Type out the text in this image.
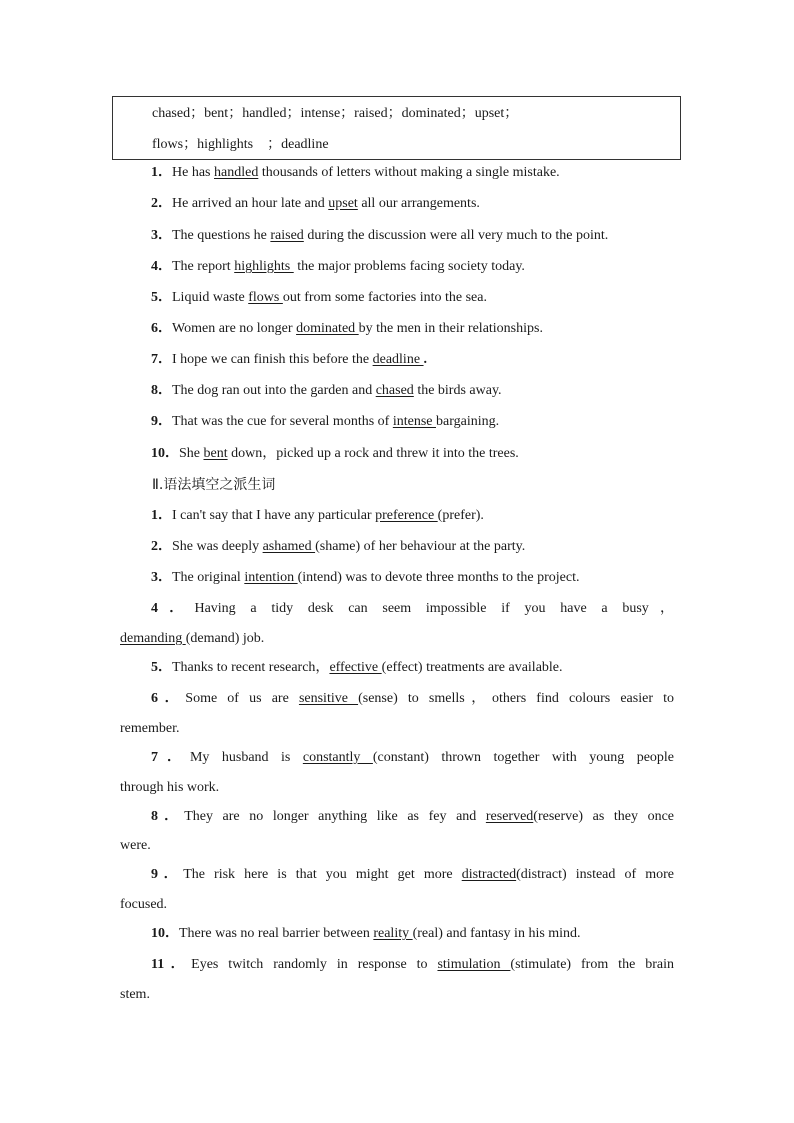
chased；bent；handled；intense；raised；dominated；upset；
flows；highlights　；deadline
1．He has handled thousands of letters without making a single mistake.
2．He arrived an hour late and upset all our arrangements.
3．The questions he raised during the discussion were all very much to the point.
4．The report highlights  the major problems facing society today.
5．Liquid waste flows out from some factories into the sea.
6．Women are no longer dominated by the men in their relationships.
7．I hope we can finish this before the deadline .
8．The dog ran out into the garden and chased the birds away.
9．That was the cue for several months of intense bargaining.
10．She bent down，picked up a rock and threw it into the trees.
Ⅱ.语法填空之派生词
1．I can't say that I have any particular preference (prefer).
2．She was deeply ashamed (shame) of her behaviour at the party.
3．The original intention (intend) was to devote three months to the project.
4．Having a tidy desk can seem impossible if you have a busy，
demanding (demand) job.
5．Thanks to recent research，effective (effect) treatments are available.
6．Some of us are sensitive (sense) to smells，others find colours easier to
remember.
7．My husband is constantly (constant) thrown together with young people
through his work.
8．They are no longer anything like as fey and reserved(reserve) as they once
were.
9．The risk here is that you might get more distracted(distract) instead of more
focused.
10．There was no real barrier between reality (real) and fantasy in his mind.
11．Eyes twitch randomly in response to stimulation (stimulate) from the brain
stem.
